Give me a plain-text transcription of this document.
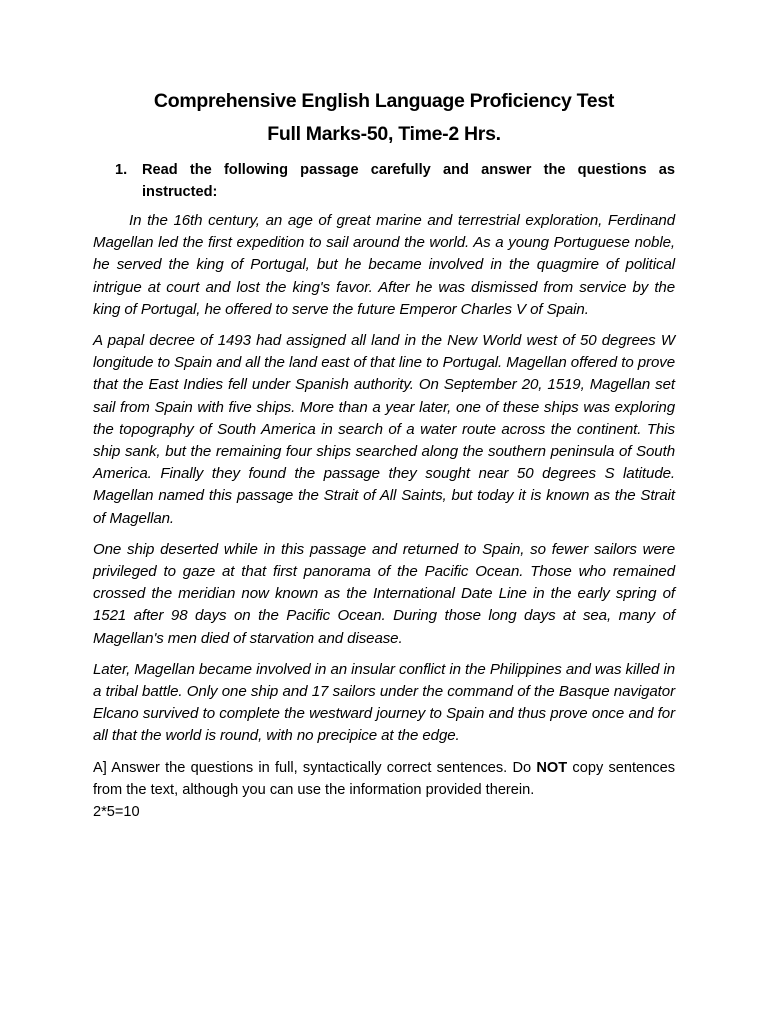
Comprehensive English Language Proficiency Test
Full Marks-50, Time-2 Hrs.
1.	Read the following passage carefully and answer the questions as instructed:

In the 16th century, an age of great marine and terrestrial exploration, Ferdinand Magellan led the first expedition to sail around the world. As a young Portuguese noble, he served the king of Portugal, but he became involved in the quagmire of political intrigue at court and lost the king's favor. After he was dismissed from service by the king of Portugal, he offered to serve the future Emperor Charles V of Spain.

A papal decree of 1493 had assigned all land in the New World west of 50 degrees W longitude to Spain and all the land east of that line to Portugal. Magellan offered to prove that the East Indies fell under Spanish authority. On September 20, 1519, Magellan set sail from Spain with five ships. More than a year later, one of these ships was exploring the topography of South America in search of a water route across the continent. This ship sank, but the remaining four ships searched along the southern peninsula of South America. Finally they found the passage they sought near 50 degrees S latitude. Magellan named this passage the Strait of All Saints, but today it is known as the Strait of Magellan.

One ship deserted while in this passage and returned to Spain, so fewer sailors were privileged to gaze at that first panorama of the Pacific Ocean. Those who remained crossed the meridian now known as the International Date Line in the early spring of 1521 after 98 days on the Pacific Ocean. During those long days at sea, many of Magellan's men died of starvation and disease.

Later, Magellan became involved in an insular conflict in the Philippines and was killed in a tribal battle. Only one ship and 17 sailors under the command of the Basque navigator Elcano survived to complete the westward journey to Spain and thus prove once and for all that the world is round, with no precipice at the edge.

A] Answer the questions in full, syntactically correct sentences. Do NOT copy sentences from the text, although you can use the information provided therein.
2*5=10
